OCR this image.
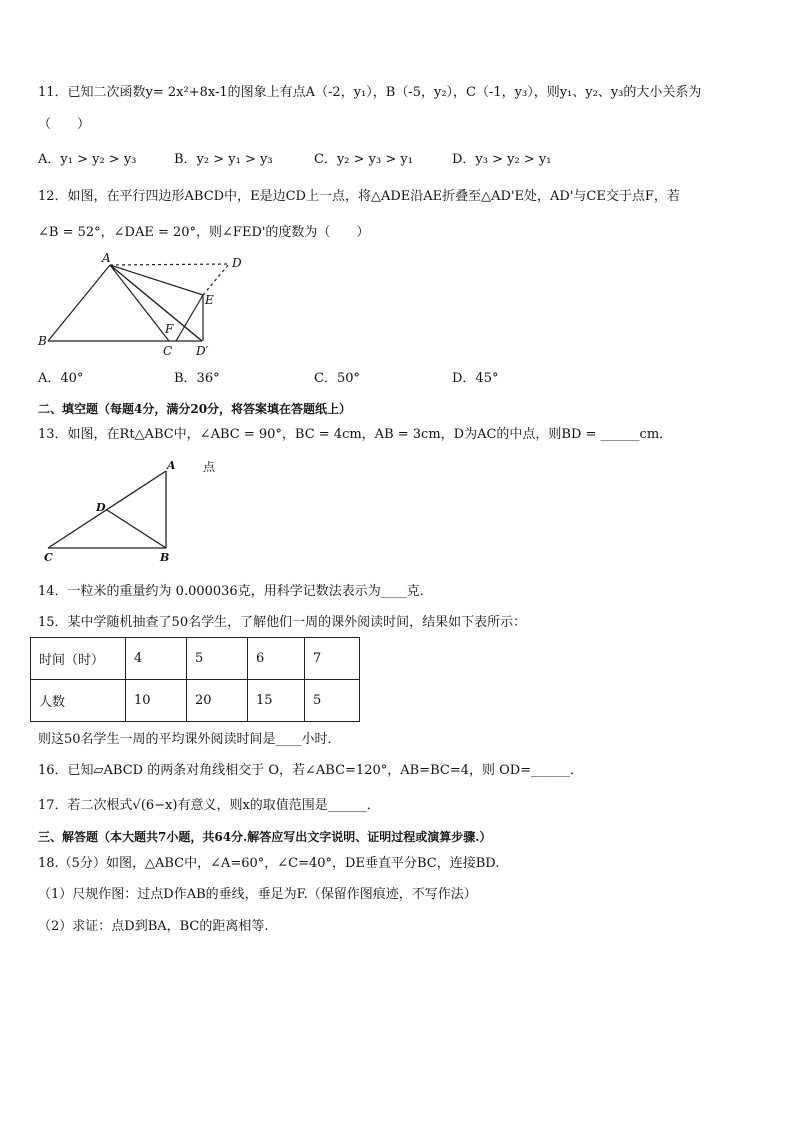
11．已知二次函数y= 2x²+8x-1的图象上有点A（-2，y₁），B（-5，y₂），C（-1，y₃），则y₁、y₂、y₃的大小关系为
（　　）
A．y₁ > y₂ > y₃	B．y₂ > y₁ > y₃	C．y₂ > y₃ > y₁	D．y₃ > y₂ > y₁
12．如图，在平行四边形ABCD中，E是边CD上一点，将△ADE沿AE折叠至△AD'E处，AD'与CE交于点F，若
∠B = 52°，∠DAE = 20°，则∠FED'的度数为（　　）
A	D
E
F
B
C D′
A．40°	B．36°	C．50°	D．45°
二、填空题（每题4分，满分20分，将答案填在答题纸上）
13．如图，在Rt△ABC中，∠ABC = 90°，BC = 4cm，AB = 3cm，D为AC的中点，则BD = ______cm．
A
D
C	B
点
14．一粒米的重量约为 0.000036克，用科学记数法表示为____克．
15．某中学随机抽查了50名学生，了解他们一周的课外阅读时间，结果如下表所示：
时间（时）	4	5	6	7
人数	10	20	15	5
则这50名学生一周的平均课外阅读时间是____小时．
16．已知▱ABCD 的两条对角线相交于 O，若∠ABC=120°，AB=BC=4，则 OD=______．
17．若二次根式√(6−x)有意义，则x的取值范围是______．
三、解答题（本大题共7小题，共64分.解答应写出文字说明、证明过程或演算步骤.）
18.（5分）如图，△ABC中，∠A=60°，∠C=40°，DE垂直平分BC，连接BD.
（1）尺规作图：过点D作AB的垂线，垂足为F.（保留作图痕迹，不写作法）
（2）求证：点D到BA，BC的距离相等.
